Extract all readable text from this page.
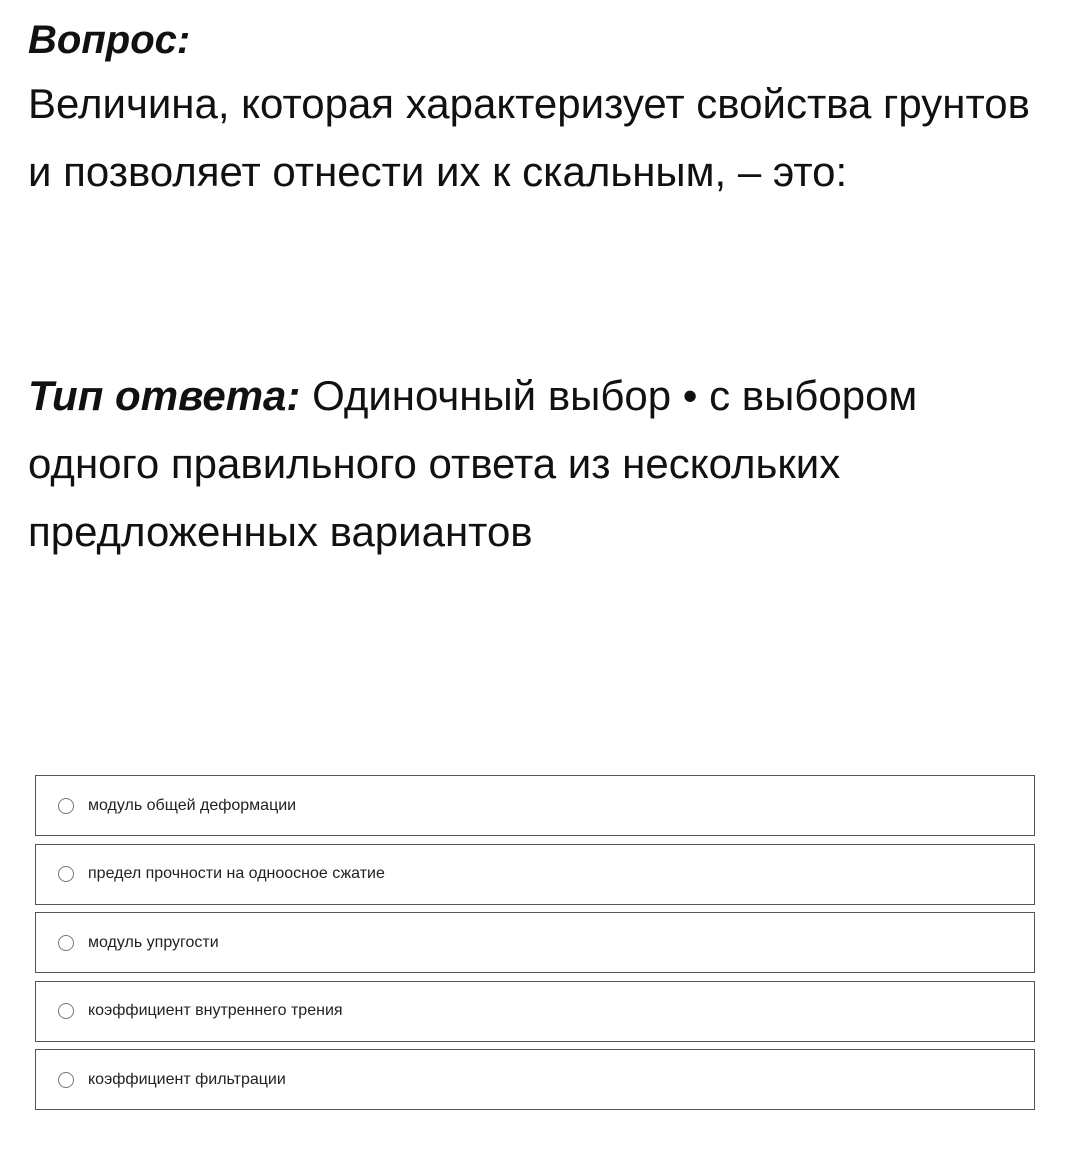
Вопрос:
Величина, которая характеризует свойства грунтов и позволяет отнести их к скальным, – это:
Тип ответа: Одиночный выбор • с выбором одного правильного ответа из нескольких предложенных вариантов
модуль общей деформации
предел прочности на одноосное сжатие
модуль упругости
коэффициент внутреннего трения
коэффициент фильтрации
